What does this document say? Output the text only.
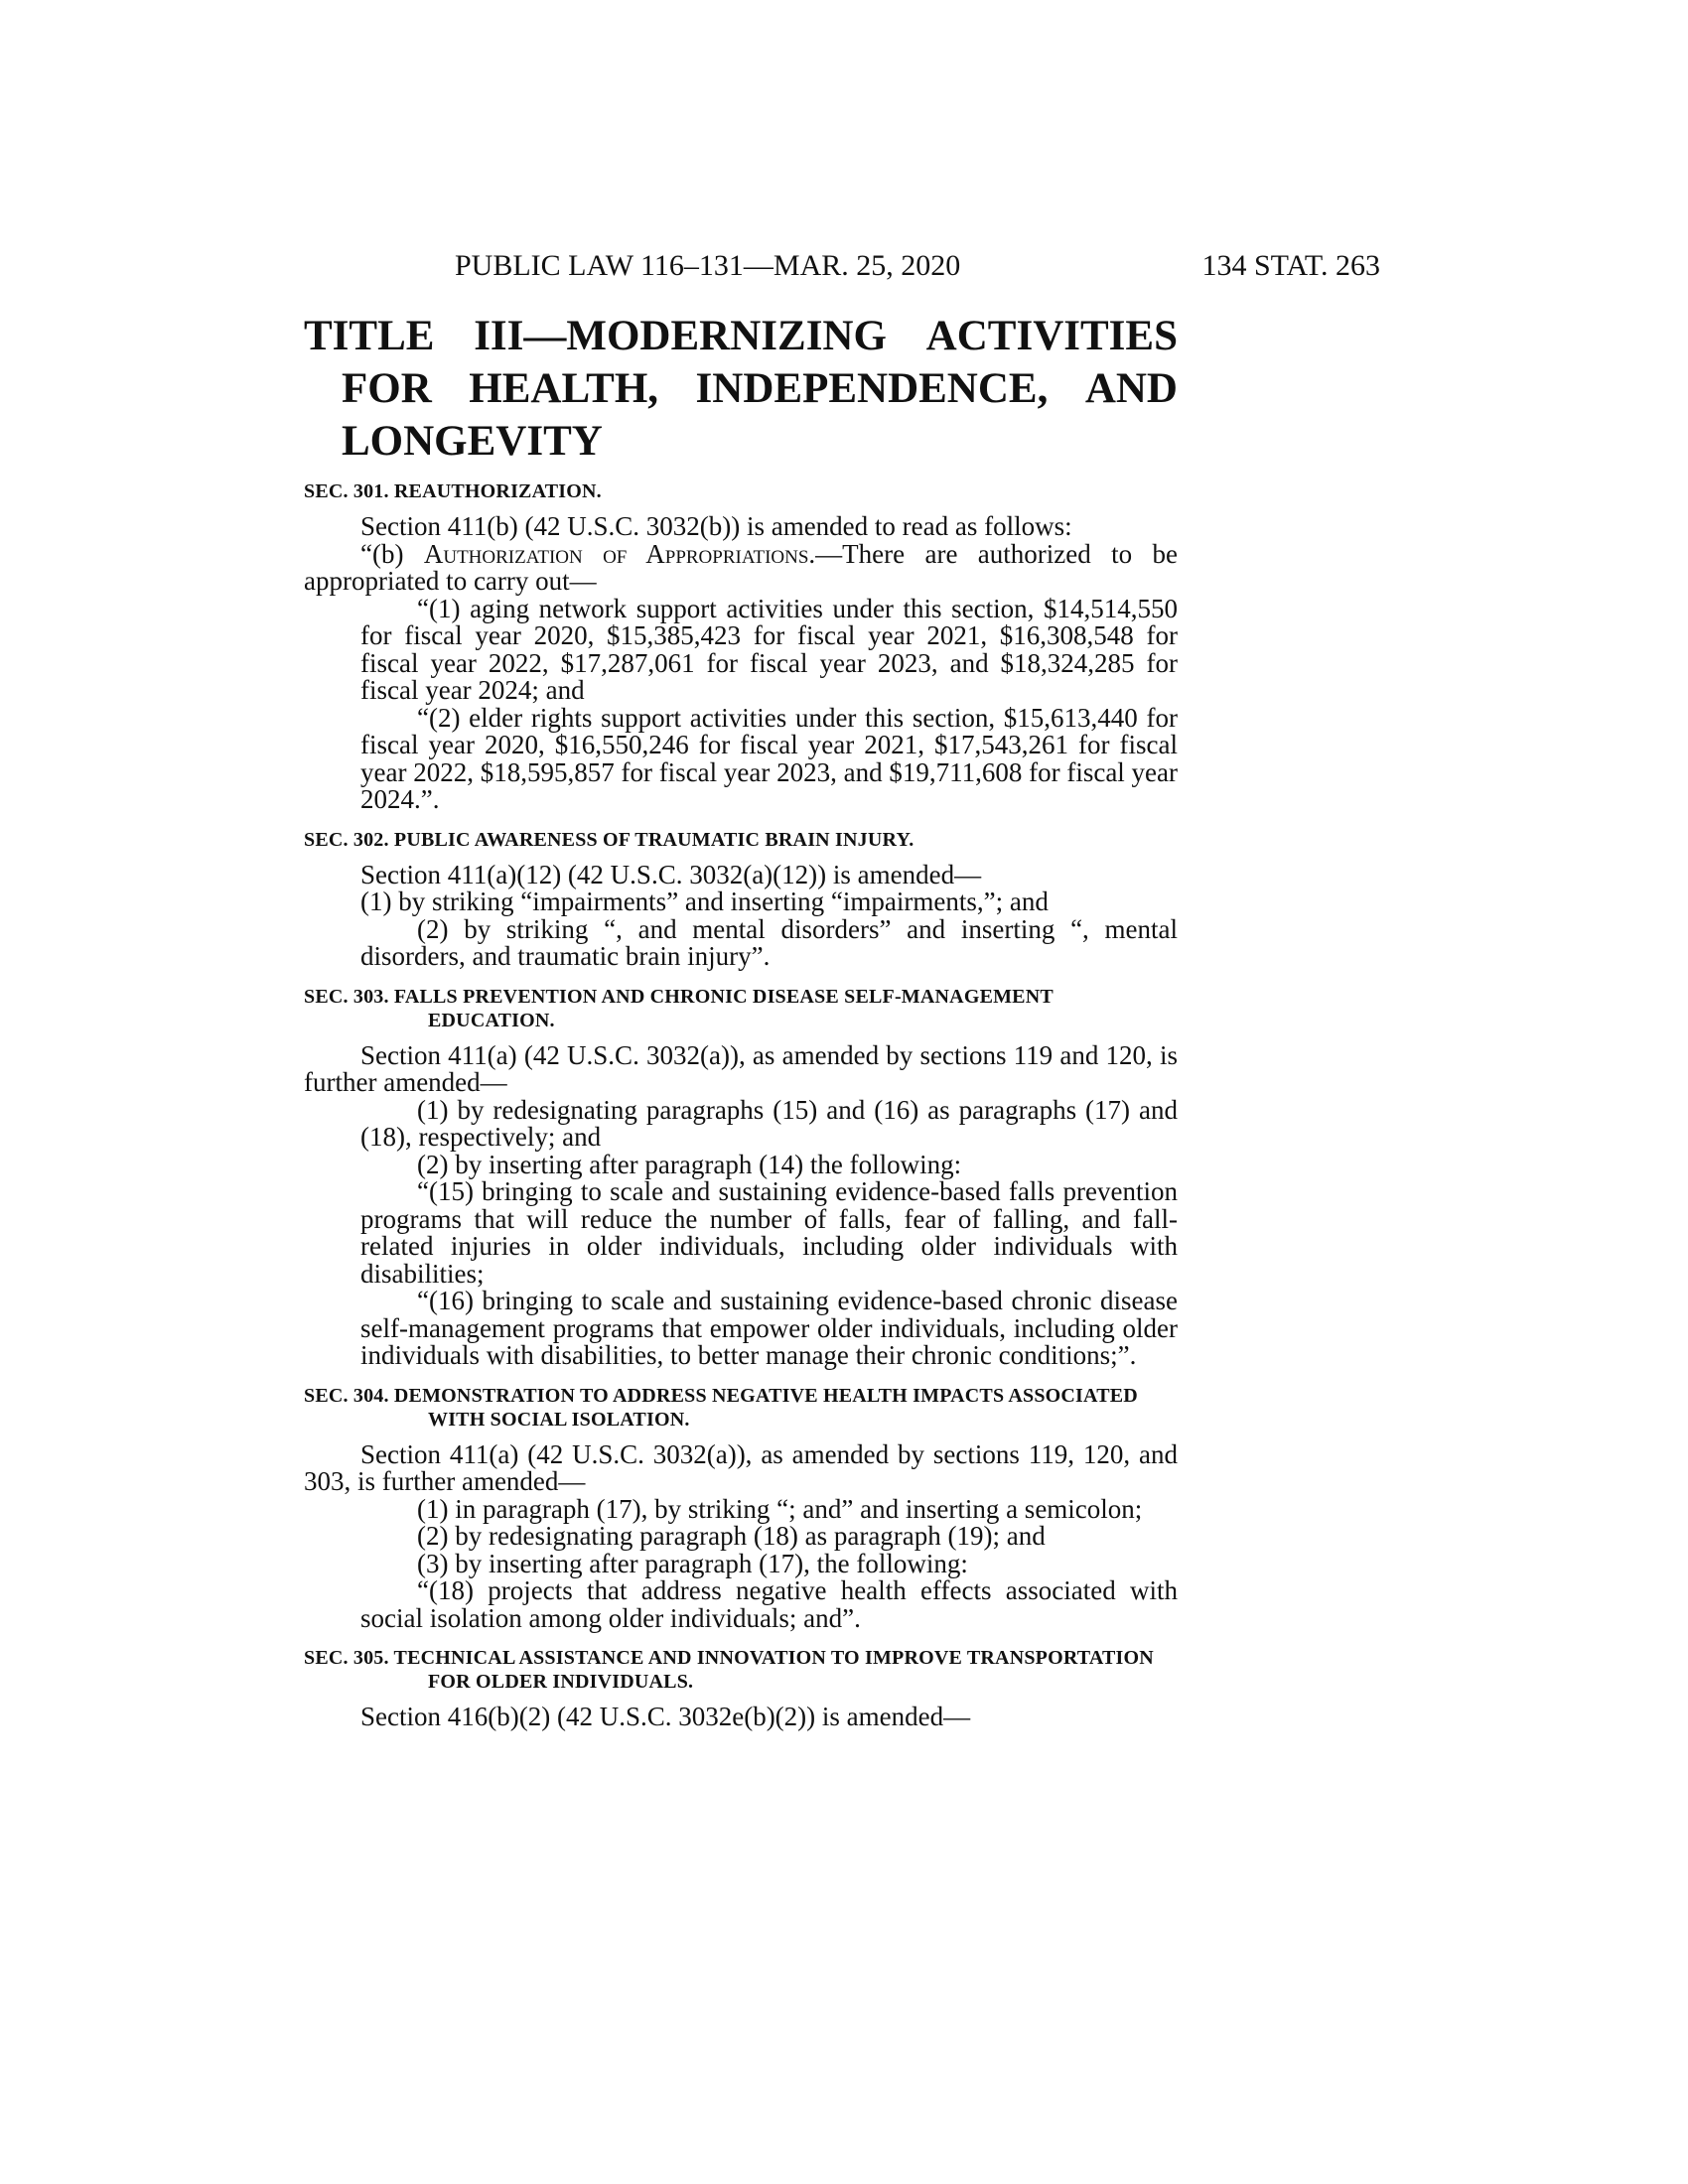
PUBLIC LAW 116–131—MAR. 25, 2020	134 STAT. 263
TITLE III—MODERNIZING ACTIVITIES
FOR HEALTH, INDEPENDENCE, AND
LONGEVITY
SEC. 301. REAUTHORIZATION.

Section 411(b) (42 U.S.C. 3032(b)) is amended to read as follows:

“(b) Authorization of Appropriations.—There are authorized to be appropriated to carry out—

“(1) aging network support activities under this section, $14,514,550 for fiscal year 2020, $15,385,423 for fiscal year 2021, $16,308,548 for fiscal year 2022, $17,287,061 for fiscal year 2023, and $18,324,285 for fiscal year 2024; and

“(2) elder rights support activities under this section, $15,613,440 for fiscal year 2020, $16,550,246 for fiscal year 2021, $17,543,261 for fiscal year 2022, $18,595,857 for fiscal year 2023, and $19,711,608 for fiscal year 2024.”.

SEC. 302. PUBLIC AWARENESS OF TRAUMATIC BRAIN INJURY.

Section 411(a)(12) (42 U.S.C. 3032(a)(12)) is amended—

(1) by striking “impairments” and inserting “impairments,”; and

(2) by striking “, and mental disorders” and inserting “, mental disorders, and traumatic brain injury”.

SEC. 303. FALLS PREVENTION AND CHRONIC DISEASE SELF-MANAGEMENT EDUCATION.

Section 411(a) (42 U.S.C. 3032(a)), as amended by sections 119 and 120, is further amended—

(1) by redesignating paragraphs (15) and (16) as paragraphs (17) and (18), respectively; and

(2) by inserting after paragraph (14) the following:

“(15) bringing to scale and sustaining evidence-based falls prevention programs that will reduce the number of falls, fear of falling, and fall-related injuries in older individuals, including older individuals with disabilities;

“(16) bringing to scale and sustaining evidence-based chronic disease self-management programs that empower older individuals, including older individuals with disabilities, to better manage their chronic conditions;”.

SEC. 304. DEMONSTRATION TO ADDRESS NEGATIVE HEALTH IMPACTS ASSOCIATED WITH SOCIAL ISOLATION.

Section 411(a) (42 U.S.C. 3032(a)), as amended by sections 119, 120, and 303, is further amended—

(1) in paragraph (17), by striking “; and” and inserting a semicolon;

(2) by redesignating paragraph (18) as paragraph (19); and

(3) by inserting after paragraph (17), the following:

“(18) projects that address negative health effects associated with social isolation among older individuals; and”.

SEC. 305. TECHNICAL ASSISTANCE AND INNOVATION TO IMPROVE TRANSPORTATION FOR OLDER INDIVIDUALS.

Section 416(b)(2) (42 U.S.C. 3032e(b)(2)) is amended—
